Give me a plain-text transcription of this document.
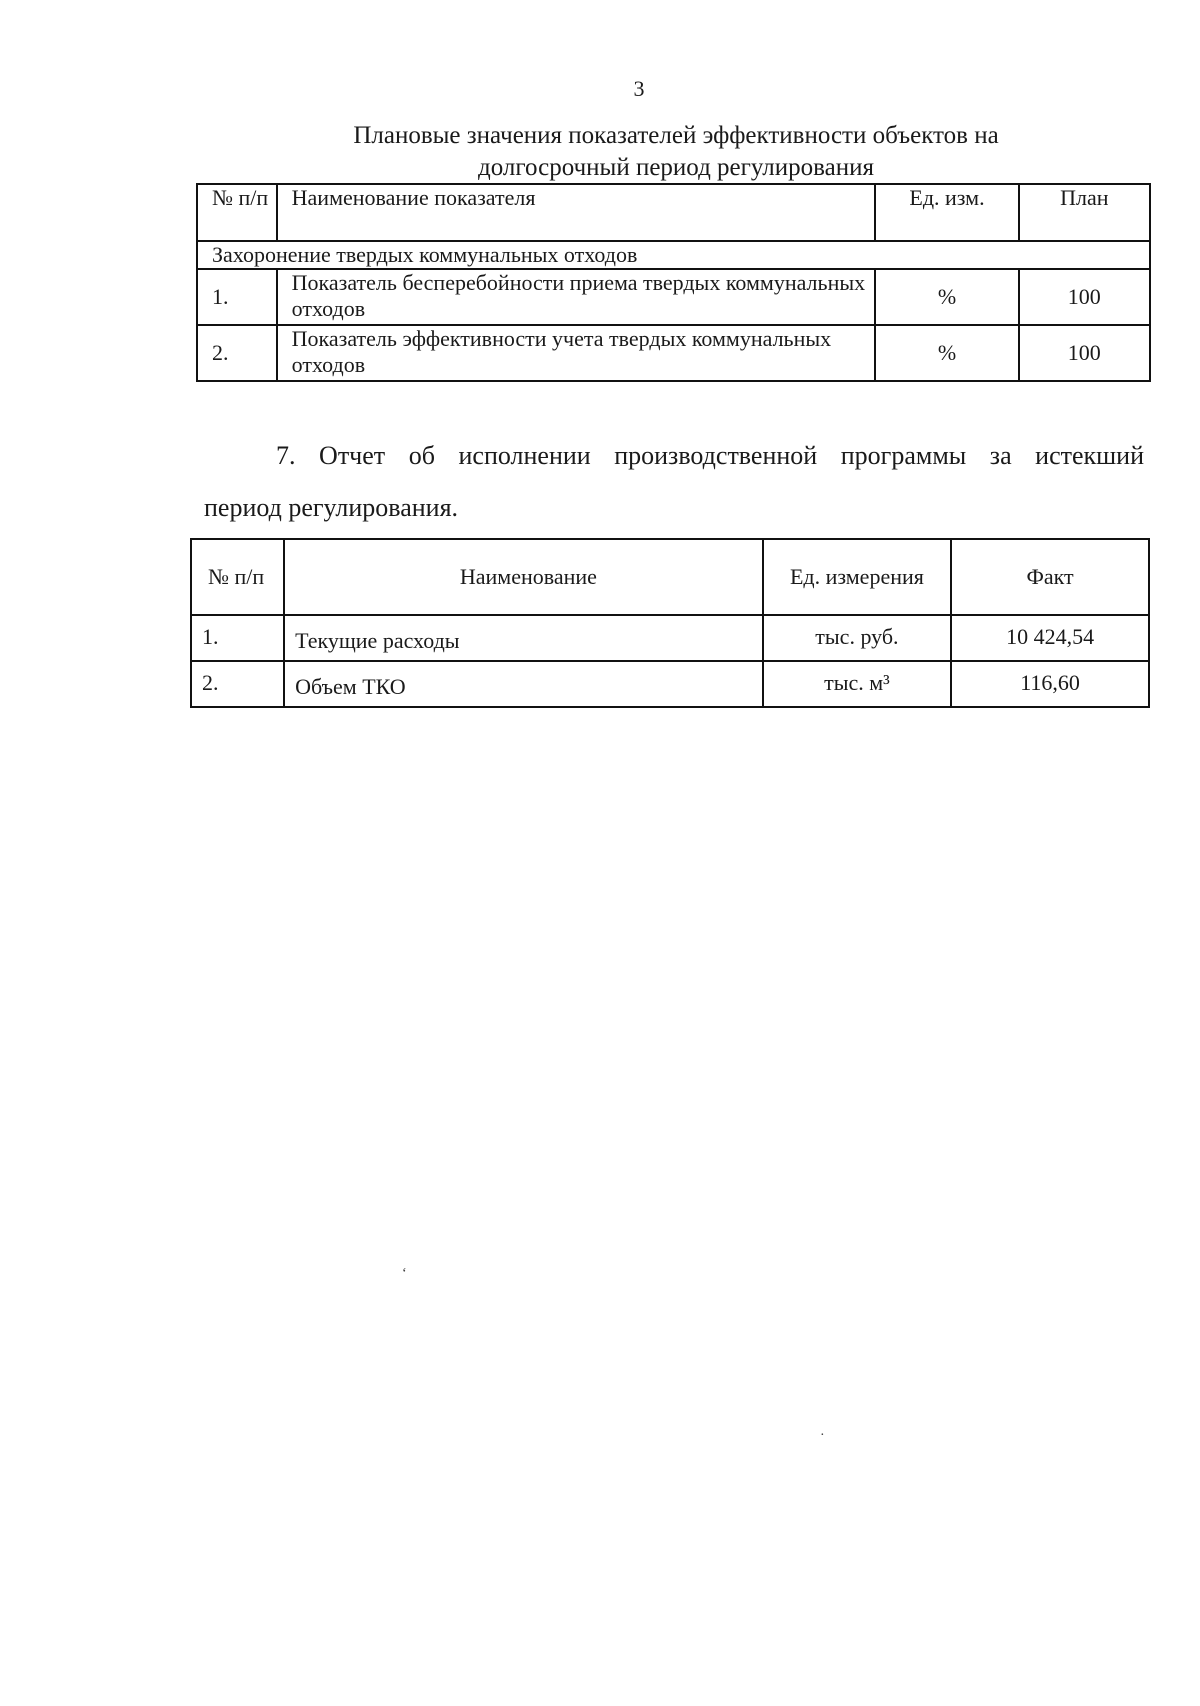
3
Плановые значения показателей эффективности объектов на
долгосрочный период регулирования
№ п/п	Наименование показателя	Ед. изм.	План
Захоронение твердых коммунальных отходов			
1.	Показатель бесперебойности приема твердых коммунальных отходов	%	100
2.	Показатель эффективности учета твердых коммунальных отходов	%	100
7. Отчет об исполнении производственной программы за истекший
период регулирования.
№ п/п	Наименование	Ед. измерения	Факт
1.	Текущие расходы	тыс. руб.	10 424,54
2.	Объем ТКО	тыс. м³	116,60
‘
·
